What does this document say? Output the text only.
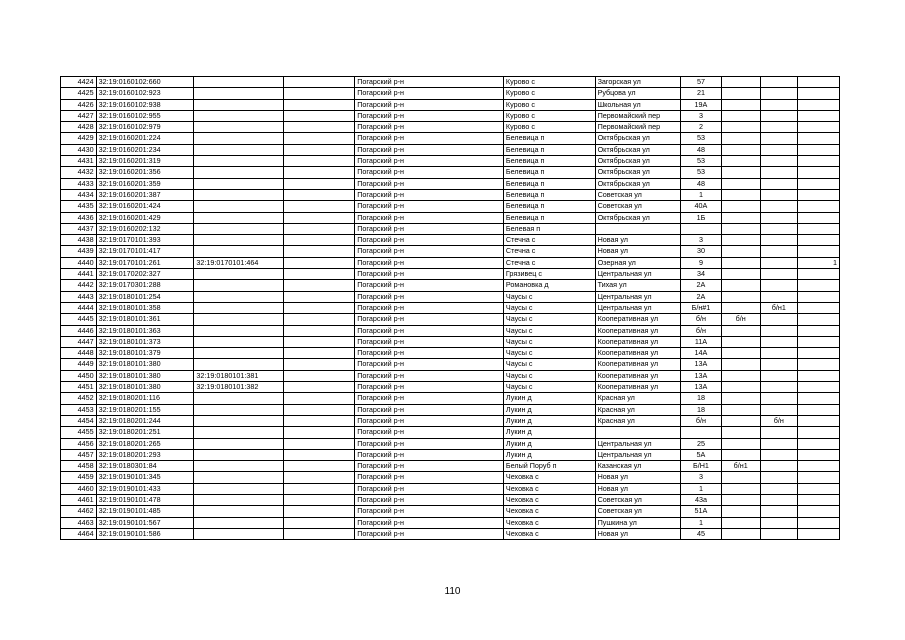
4424	32:19:0160102:660			Погарский р-н	Курово с	Загорская ул	57			
4425	32:19:0160102:923			Погарский р-н	Курово с	Рубцова ул	21			
4426	32:19:0160102:938			Погарский р-н	Курово с	Школьная ул	19А			
4427	32:19:0160102:955			Погарский р-н	Курово с	Первомайский пер	3			
4428	32:19:0160102:979			Погарский р-н	Курово с	Первомайский пер	2			
4429	32:19:0160201:224			Погарский р-н	Белевица п	Октябрьская ул	53			
4430	32:19:0160201:234			Погарский р-н	Белевица п	Октябрьская ул	48			
4431	32:19:0160201:319			Погарский р-н	Белевица п	Октябрьская ул	53			
4432	32:19:0160201:356			Погарский р-н	Белевица п	Октябрьская ул	53			
4433	32:19:0160201:359			Погарский р-н	Белевица п	Октябрьская ул	48			
4434	32:19:0160201:387			Погарский р-н	Белевица п	Советская ул	1			
4435	32:19:0160201:424			Погарский р-н	Белевица п	Советская ул	40А			
4436	32:19:0160201:429			Погарский р-н	Белевица п	Октябрьская ул	1Б			
4437	32:19:0160202:132			Погарский р-н	Белевая п					
4438	32:19:0170101:393			Погарский р-н	Стечна с	Новая ул	3			
4439	32:19:0170101:417			Погарский р-н	Стечна с	Новая ул	30			
4440	32:19:0170101:261	32:19:0170101:464		Погарский р-н	Стечна с	Озерная ул	9			1
4441	32:19:0170202:327			Погарский р-н	Грязивец с	Центральная ул	34			
4442	32:19:0170301:288			Погарский р-н	Романовка д	Тихая ул	2А			
4443	32:19:0180101:254			Погарский р-н	Чаусы с	Центральная ул	2А			
4444	32:19:0180101:358			Погарский р-н	Чаусы с	Центральная ул	Б/н#1		б/н1	
4445	32:19:0180101:361			Погарский р-н	Чаусы с	Кооперативная ул	б/н	б/н		
4446	32:19:0180101:363			Погарский р-н	Чаусы с	Кооперативная ул	б/н			
4447	32:19:0180101:373			Погарский р-н	Чаусы с	Кооперативная ул	11А			
4448	32:19:0180101:379			Погарский р-н	Чаусы с	Кооперативная ул	14А			
4449	32:19:0180101:380			Погарский р-н	Чаусы с	Кооперативная ул	13А			
4450	32:19:0180101:380	32:19:0180101:381		Погарский р-н	Чаусы с	Кооперативная ул	13А			
4451	32:19:0180101:380	32:19:0180101:382		Погарский р-н	Чаусы с	Кооперативная ул	13А			
4452	32:19:0180201:116			Погарский р-н	Лукин д	Красная ул	18			
4453	32:19:0180201:155			Погарский р-н	Лукин д	Красная ул	18			
4454	32:19:0180201:244			Погарский р-н	Лукин д	Красная ул	б/н		б/н	
4455	32:19:0180201:251			Погарский р-н	Лукин д					
4456	32:19:0180201:265			Погарский р-н	Лукин д	Центральная ул	25			
4457	32:19:0180201:293			Погарский р-н	Лукин д	Центральная ул	5А			
4458	32:19:0180301:84			Погарский р-н	Белый Поруб п	Казанская ул	Б/Н1	б/н1		
4459	32:19:0190101:345			Погарский р-н	Чеховка с	Новая ул	3			
4460	32:19:0190101:433			Погарский р-н	Чеховка с	Новая ул	1			
4461	32:19:0190101:478			Погарский р-н	Чеховка с	Советская ул	43а			
4462	32:19:0190101:485			Погарский р-н	Чеховка с	Советская ул	51А			
4463	32:19:0190101:567			Погарский р-н	Чеховка с	Пушкина ул	1			
4464	32:19:0190101:586			Погарский р-н	Чеховка с	Новая ул	45			
110
